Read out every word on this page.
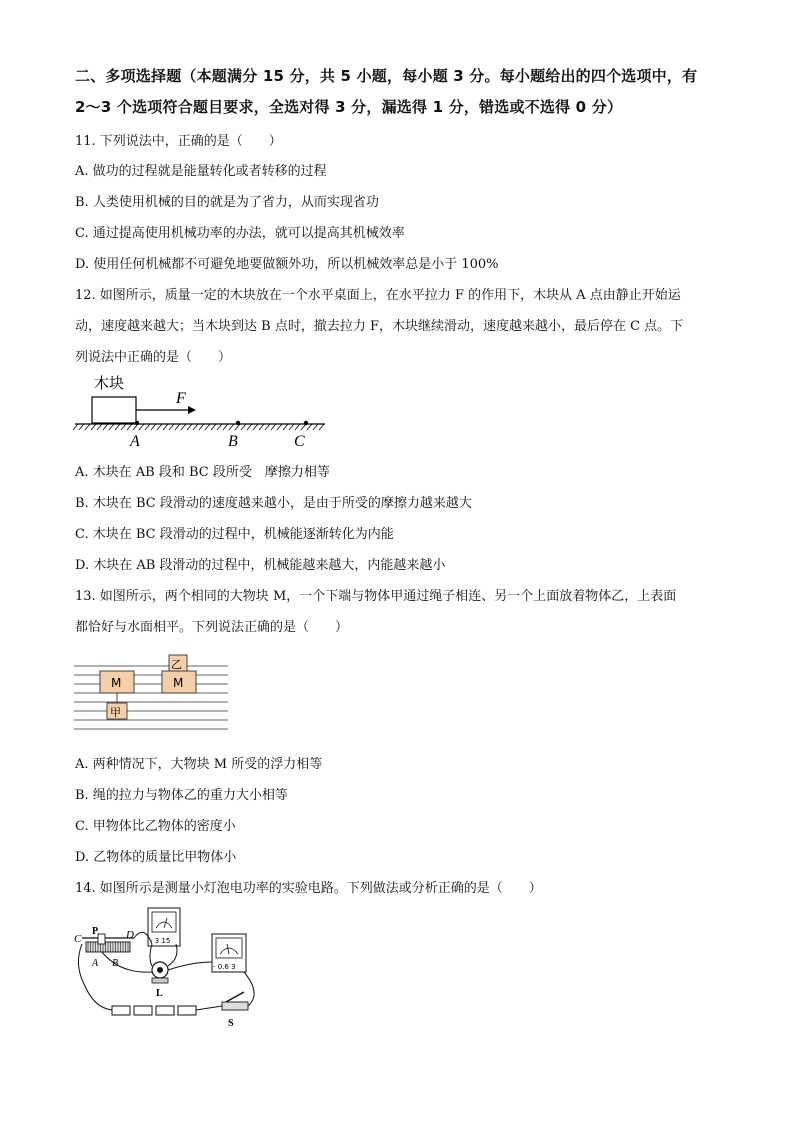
二、多项选择题（本题满分 15 分，共 5 小题，每小题 3 分。每小题给出的四个选项中，有
2～3 个选项符合题目要求，全选对得 3 分，漏选得 1 分，错选或不选得 0 分）
11. 下列说法中，正确的是（　　）
A. 做功的过程就是能量转化或者转移的过程
B. 人类使用机械的目的就是为了省力，从而实现省功
C. 通过提高使用机械功率的办法，就可以提高其机械效率
D. 使用任何机械都不可避免地要做额外功，所以机械效率总是小于 100%
12. 如图所示，质量一定的木块放在一个水平桌面上，在水平拉力 F 的作用下，木块从 A 点由静止开始运
动，速度越来越大；当木块到达 B 点时，撤去拉力 F，木块继续滑动，速度越来越小，最后停在 C 点。下
列说法中正确的是（　　）
木块
F
A	B	C
A. 木块在 AB 段和 BC 段所受　摩擦力相等
B. 木块在 BC 段滑动的速度越来越小，是由于所受的摩擦力越来越大
C. 木块在 BC 段滑动的过程中，机械能逐渐转化为内能
D. 木块在 AB 段滑动的过程中，机械能越来越大，内能越来越小
13. 如图所示，两个相同的大物块 M，一个下端与物体甲通过绳子相连、另一个上面放着物体乙，上表面
都恰好与水面相平。下列说法正确的是（　　）
M
甲
M
乙
A. 两种情况下，大物块 M 所受的浮力相等
B. 绳的拉力与物体乙的重力大小相等
C. 甲物体比乙物体的密度小
D. 乙物体的质量比甲物体小
14. 如图所示是测量小灯泡电功率的实验电路。下列做法或分析正确的是（　　）
C
P	D
A B
- 3 15
- 0.6 3
L
S
